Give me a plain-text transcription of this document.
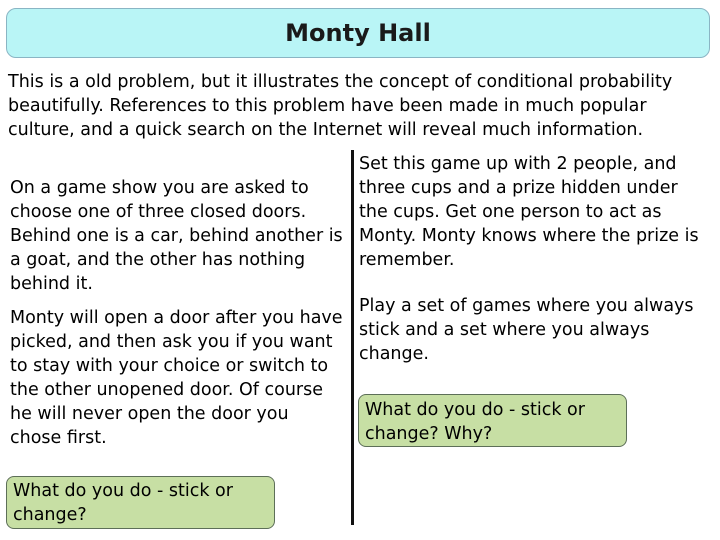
Monty Hall

This is a old problem, but it illustrates the concept of conditional probability beautifully. References to this problem have been made in much popular culture, and a quick search on the Internet will reveal much information.

On a game show you are asked to choose one of three closed doors. Behind one is a car, behind another is a goat, and the other has nothing behind it.

Monty will open a door after you have picked, and then ask you if you want to stay with your choice or switch to the other unopened door. Of course he will never open the door you chose first.

Set this game up with 2 people, and three cups and a prize hidden under the cups. Get one person to act as Monty. Monty knows where the prize is remember.

Play a set of games where you always stick and a set where you always change.

What do you do - stick or change?
What do you do - stick or change? Why?
